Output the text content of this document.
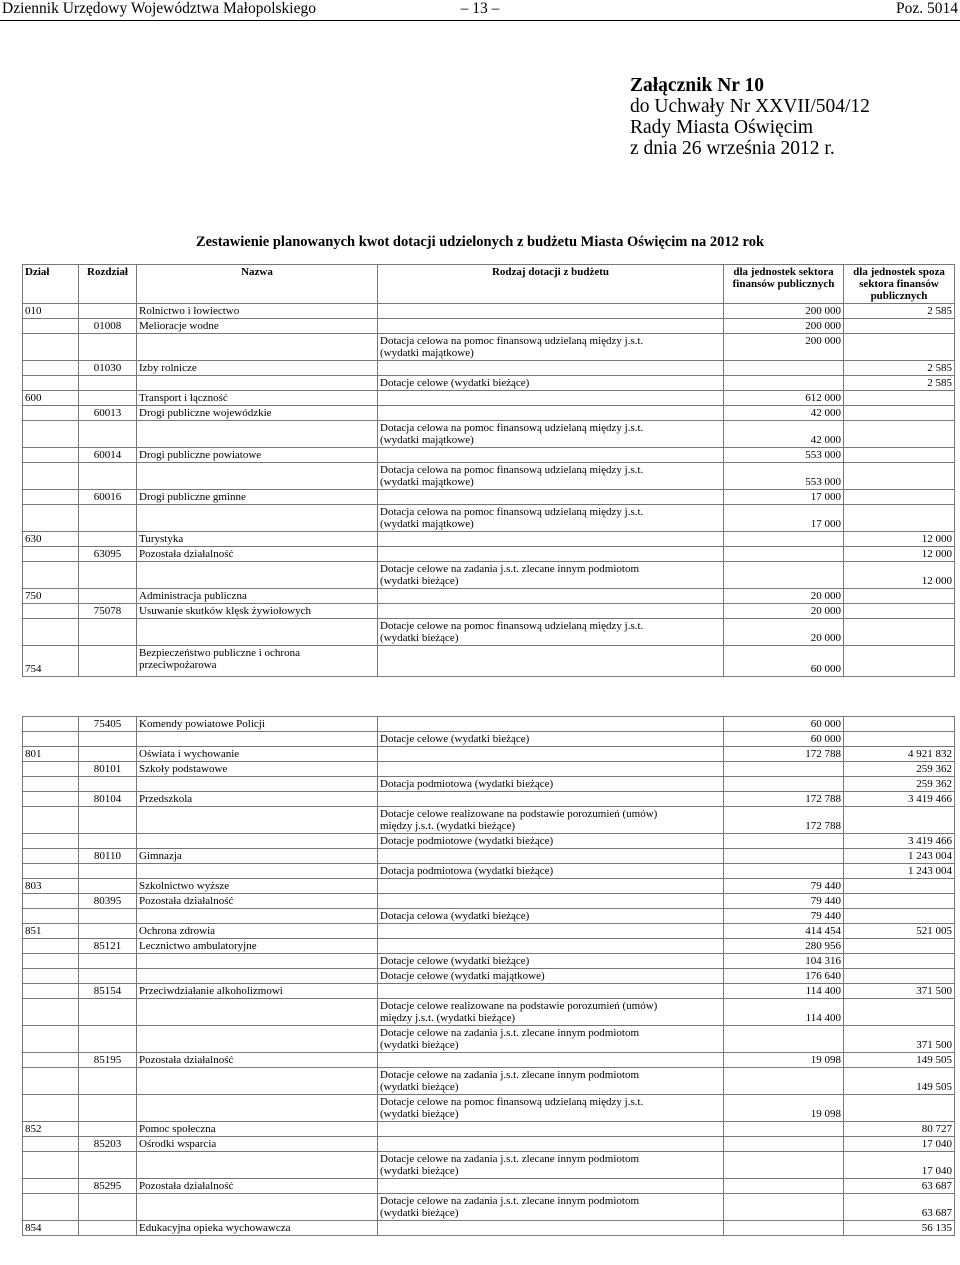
Dziennik Urzędowy Województwa Małopolskiego	– 13 –	Poz. 5014
Załącznik Nr 10
do Uchwały Nr XXVII/504/12
Rady Miasta Oświęcim
z dnia 26 września 2012 r.
Zestawienie planowanych kwot dotacji udzielonych z budżetu Miasta Oświęcim na 2012 rok
Dział	Rozdział	Nazwa	Rodzaj dotacji z budżetu	dla jednostek sektora finansów publicznych	dla jednostek spoza sektora finansów publicznych
010		Rolnictwo i łowiectwo		200 000	2 585
	01008	Melioracje wodne		200 000	

			Dotacja celowa na pomoc finansową udzielaną między j.s.t.
(wydatki majątkowe)	200 000	
	01030	Izby rolnicze			2 585
			Dotacje celowe (wydatki bieżące)		2 585
600		Transport i łączność		612 000	
	60013	Drogi publiczne wojewódzkie		42 000	

			Dotacja celowa na pomoc finansową udzielaną między j.s.t.
(wydatki majątkowe)	42 000	
	60014	Drogi publiczne powiatowe		553 000	

			Dotacja celowa na pomoc finansową udzielaną między j.s.t.
(wydatki majątkowe)	553 000	
	60016	Drogi publiczne gminne		17 000	

			Dotacja celowa na pomoc finansową udzielaną między j.s.t.
(wydatki majątkowe)	17 000	
630		Turystyka			12 000
	63095	Pozostała działalność			12 000

			Dotacje celowe na zadania j.s.t. zlecane innym podmiotom
(wydatki bieżące)		12 000
750		Administracja publiczna		20 000	
	75078	Usuwanie skutków klęsk żywiołowych		20 000	

			Dotacje celowe na pomoc finansową udzielaną między j.s.t.
(wydatki bieżące)	20 000	
754		Bezpieczeństwo publiczne i ochrona przeciwpożarowa		60 000	
	75405	Komendy powiatowe Policji		60 000	
			Dotacje celowe (wydatki bieżące)	60 000	
801		Oświata i wychowanie		172 788	4 921 832
	80101	Szkoły podstawowe			259 362
			Dotacja podmiotowa (wydatki bieżące)		259 362
	80104	Przedszkola		172 788	3 419 466

			Dotacje celowe realizowane na podstawie porozumień (umów)
między j.s.t. (wydatki bieżące)	172 788	
			Dotacje podmiotowe (wydatki bieżące)		3 419 466
	80110	Gimnazja			1 243 004
			Dotacja podmiotowa (wydatki bieżące)		1 243 004
803		Szkolnictwo wyższe		79 440	
	80395	Pozostała działalność		79 440	
			Dotacja celowa (wydatki bieżące)	79 440	
851		Ochrona zdrowia		414 454	521 005
	85121	Lecznictwo ambulatoryjne		280 956	
			Dotacje celowe (wydatki bieżące)	104 316	
			Dotacje celowe (wydatki majątkowe)	176 640	
	85154	Przeciwdziałanie alkoholizmowi		114 400	371 500

			Dotacje celowe realizowane na podstawie porozumień (umów)
między j.s.t. (wydatki bieżące)	114 400	

			Dotacje celowe na zadania j.s.t. zlecane innym podmiotom
(wydatki bieżące)		371 500
	85195	Pozostała działalność		19 098	149 505

			Dotacje celowe na zadania j.s.t. zlecane innym podmiotom
(wydatki bieżące)		149 505

			Dotacje celowe na pomoc finansową udzielaną między j.s.t.
(wydatki bieżące)	19 098	
852		Pomoc społeczna			80 727
	85203	Ośrodki wsparcia			17 040

			Dotacje celowe na zadania j.s.t. zlecane innym podmiotom
(wydatki bieżące)		17 040
	85295	Pozostała działalność			63 687

			Dotacje celowe na zadania j.s.t. zlecane innym podmiotom
(wydatki bieżące)		63 687
854		Edukacyjna opieka wychowawcza			56 135
